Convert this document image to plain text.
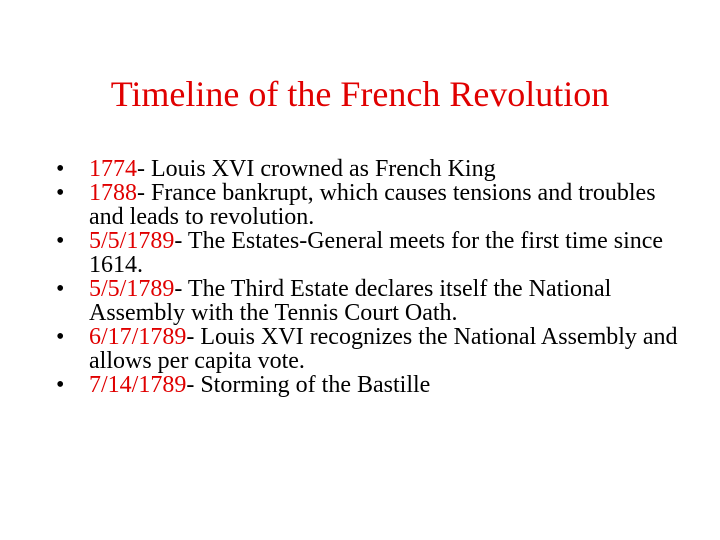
Timeline of the French Revolution
•	1774- Louis XVI crowned as French King
•	1788- France bankrupt, which causes tensions and troubles and leads to revolution.
•	5/5/1789- The Estates-General meets for the first time since 1614.
•	5/5/1789- The Third Estate declares itself the National Assembly with the Tennis Court Oath.
•	6/17/1789- Louis XVI recognizes the National Assembly and allows per capita vote.
•	7/14/1789- Storming of the Bastille
